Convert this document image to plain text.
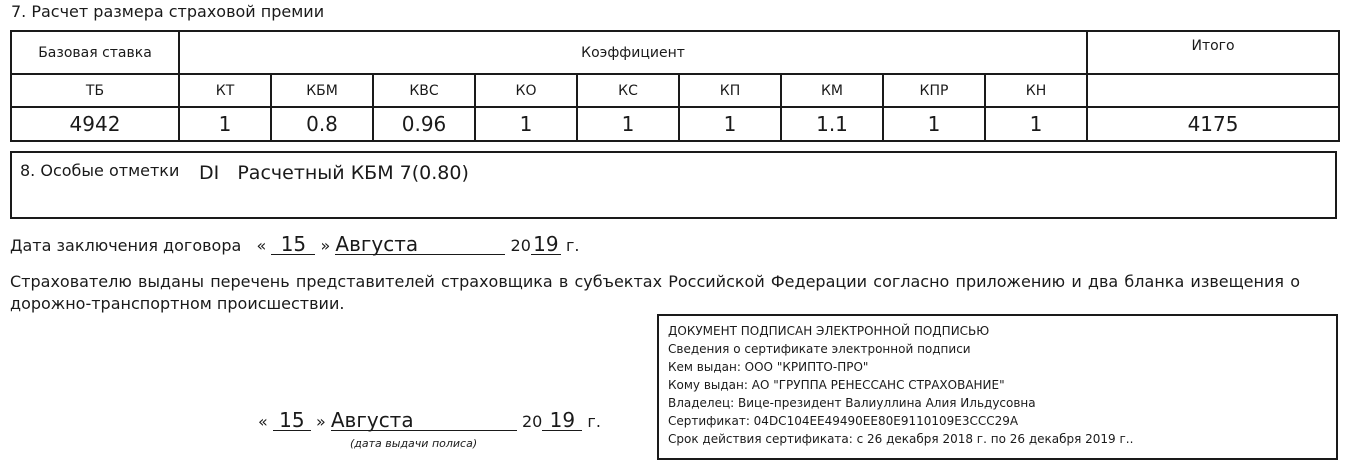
7. Расчет размера страховой премии
Базовая ставка	Коэффициент									Итого
ТБ	КТ	КБМ	КВС	КО	КС	КП	КМ	КПР	КН	
4942	1	0.8	0.96	1	1	1	1.1	1	1	4175
8. Особые отметки DI   Расчетный КБМ 7(0.80)
Дата заключения договора « 15 » Августа	20 19 г.
Страхователю выданы перечень представителей страховщика в субъектах Российской Федерации согласно приложению и два бланка извещения о дорожно-транспортном происшествии.
ДОКУМЕНТ ПОДПИСАН ЭЛЕКТРОННОЙ ПОДПИСЬЮ
Сведения о сертификате электронной подписи
Кем выдан: ООО "КРИПТО-ПРО"
Кому выдан: АО "ГРУППА РЕНЕССАНС СТРАХОВАНИЕ"
Владелец: Вице-президент Валиуллина Алия Ильдусовна
Сертификат: 04DC104EE49490EE80E9110109E3CCC29A
Срок действия сертификата: с 26 декабря 2018 г. по 26 декабря 2019 г..
« 15 » Августа	20 19 г.
(дата выдачи полиса)
